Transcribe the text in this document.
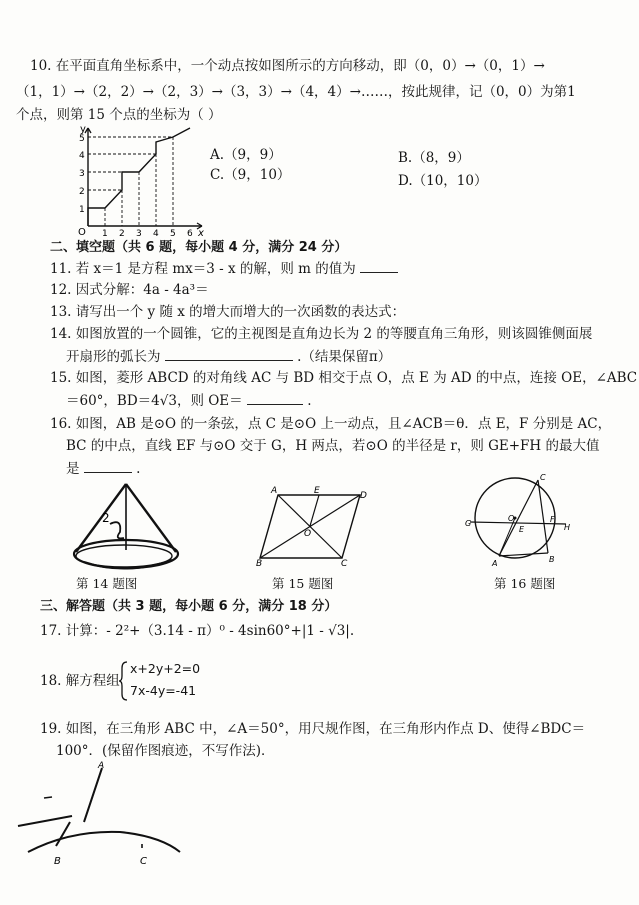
10. 在平面直角坐标系中，一个动点按如图所示的方向移动，即（0，0）→（0，1）→
（1，1）→（2，2）→（2，3）→（3，3）→（4，4）→……，按此规律，记（0，0）为第1
个点，则第 15 个点的坐标为（ ）
y
x
O 1 2 3 4 5 6
1
2
3
4
5
A.（9，9）	B.（8，9）
C.（9，10）	D.（10，10）
二、填空题（共 6 题，每小题 4 分，满分 24 分）
11. 若 x＝1 是方程 mx＝3 - x 的解，则 m 的值为
12. 因式分解：4a - 4a³＝
13. 请写出一个 y 随 x 的增大而增大的一次函数的表达式：
14. 如图放置的一个圆锥，它的主视图是直角边长为 2 的等腰直角三角形，则该圆锥侧面展
开扇形的弧长为	.（结果保留π）
15. 如图，菱形 ABCD 的对角线 AC 与 BD 相交于点 O，点 E 为 AD 的中点，连接 OE，∠ABC
＝60°，BD＝4√3，则 OE＝	.
16. 如图，AB 是⊙O 的一条弦，点 C 是⊙O 上一动点，且∠ACB＝θ．点 E，F 分别是 AC，
BC 的中点，直线 EF 与⊙O 交于 G，H 两点，若⊙O 的半径是 r，则 GE+FH 的最大值
是	.
2
第 14 题图
A	E	D
B	C
O
第 15 题图
G
O	F
H
E
A	B
C
第 16 题图
三、解答题（共 3 题，每小题 6 分，满分 18 分）
17. 计算：- 2²+（3.14 - π）⁰ - 4sin60°+|1 - √3|.
18. 解方程组
x+2y+2=0
7x-4y=-41
19. 如图，在三角形 ABC 中，∠A＝50°，用尺规作图，在三角形内作点 D、使得∠BDC＝
100°．(保留作图痕迹，不写作法)．
A
B	C
